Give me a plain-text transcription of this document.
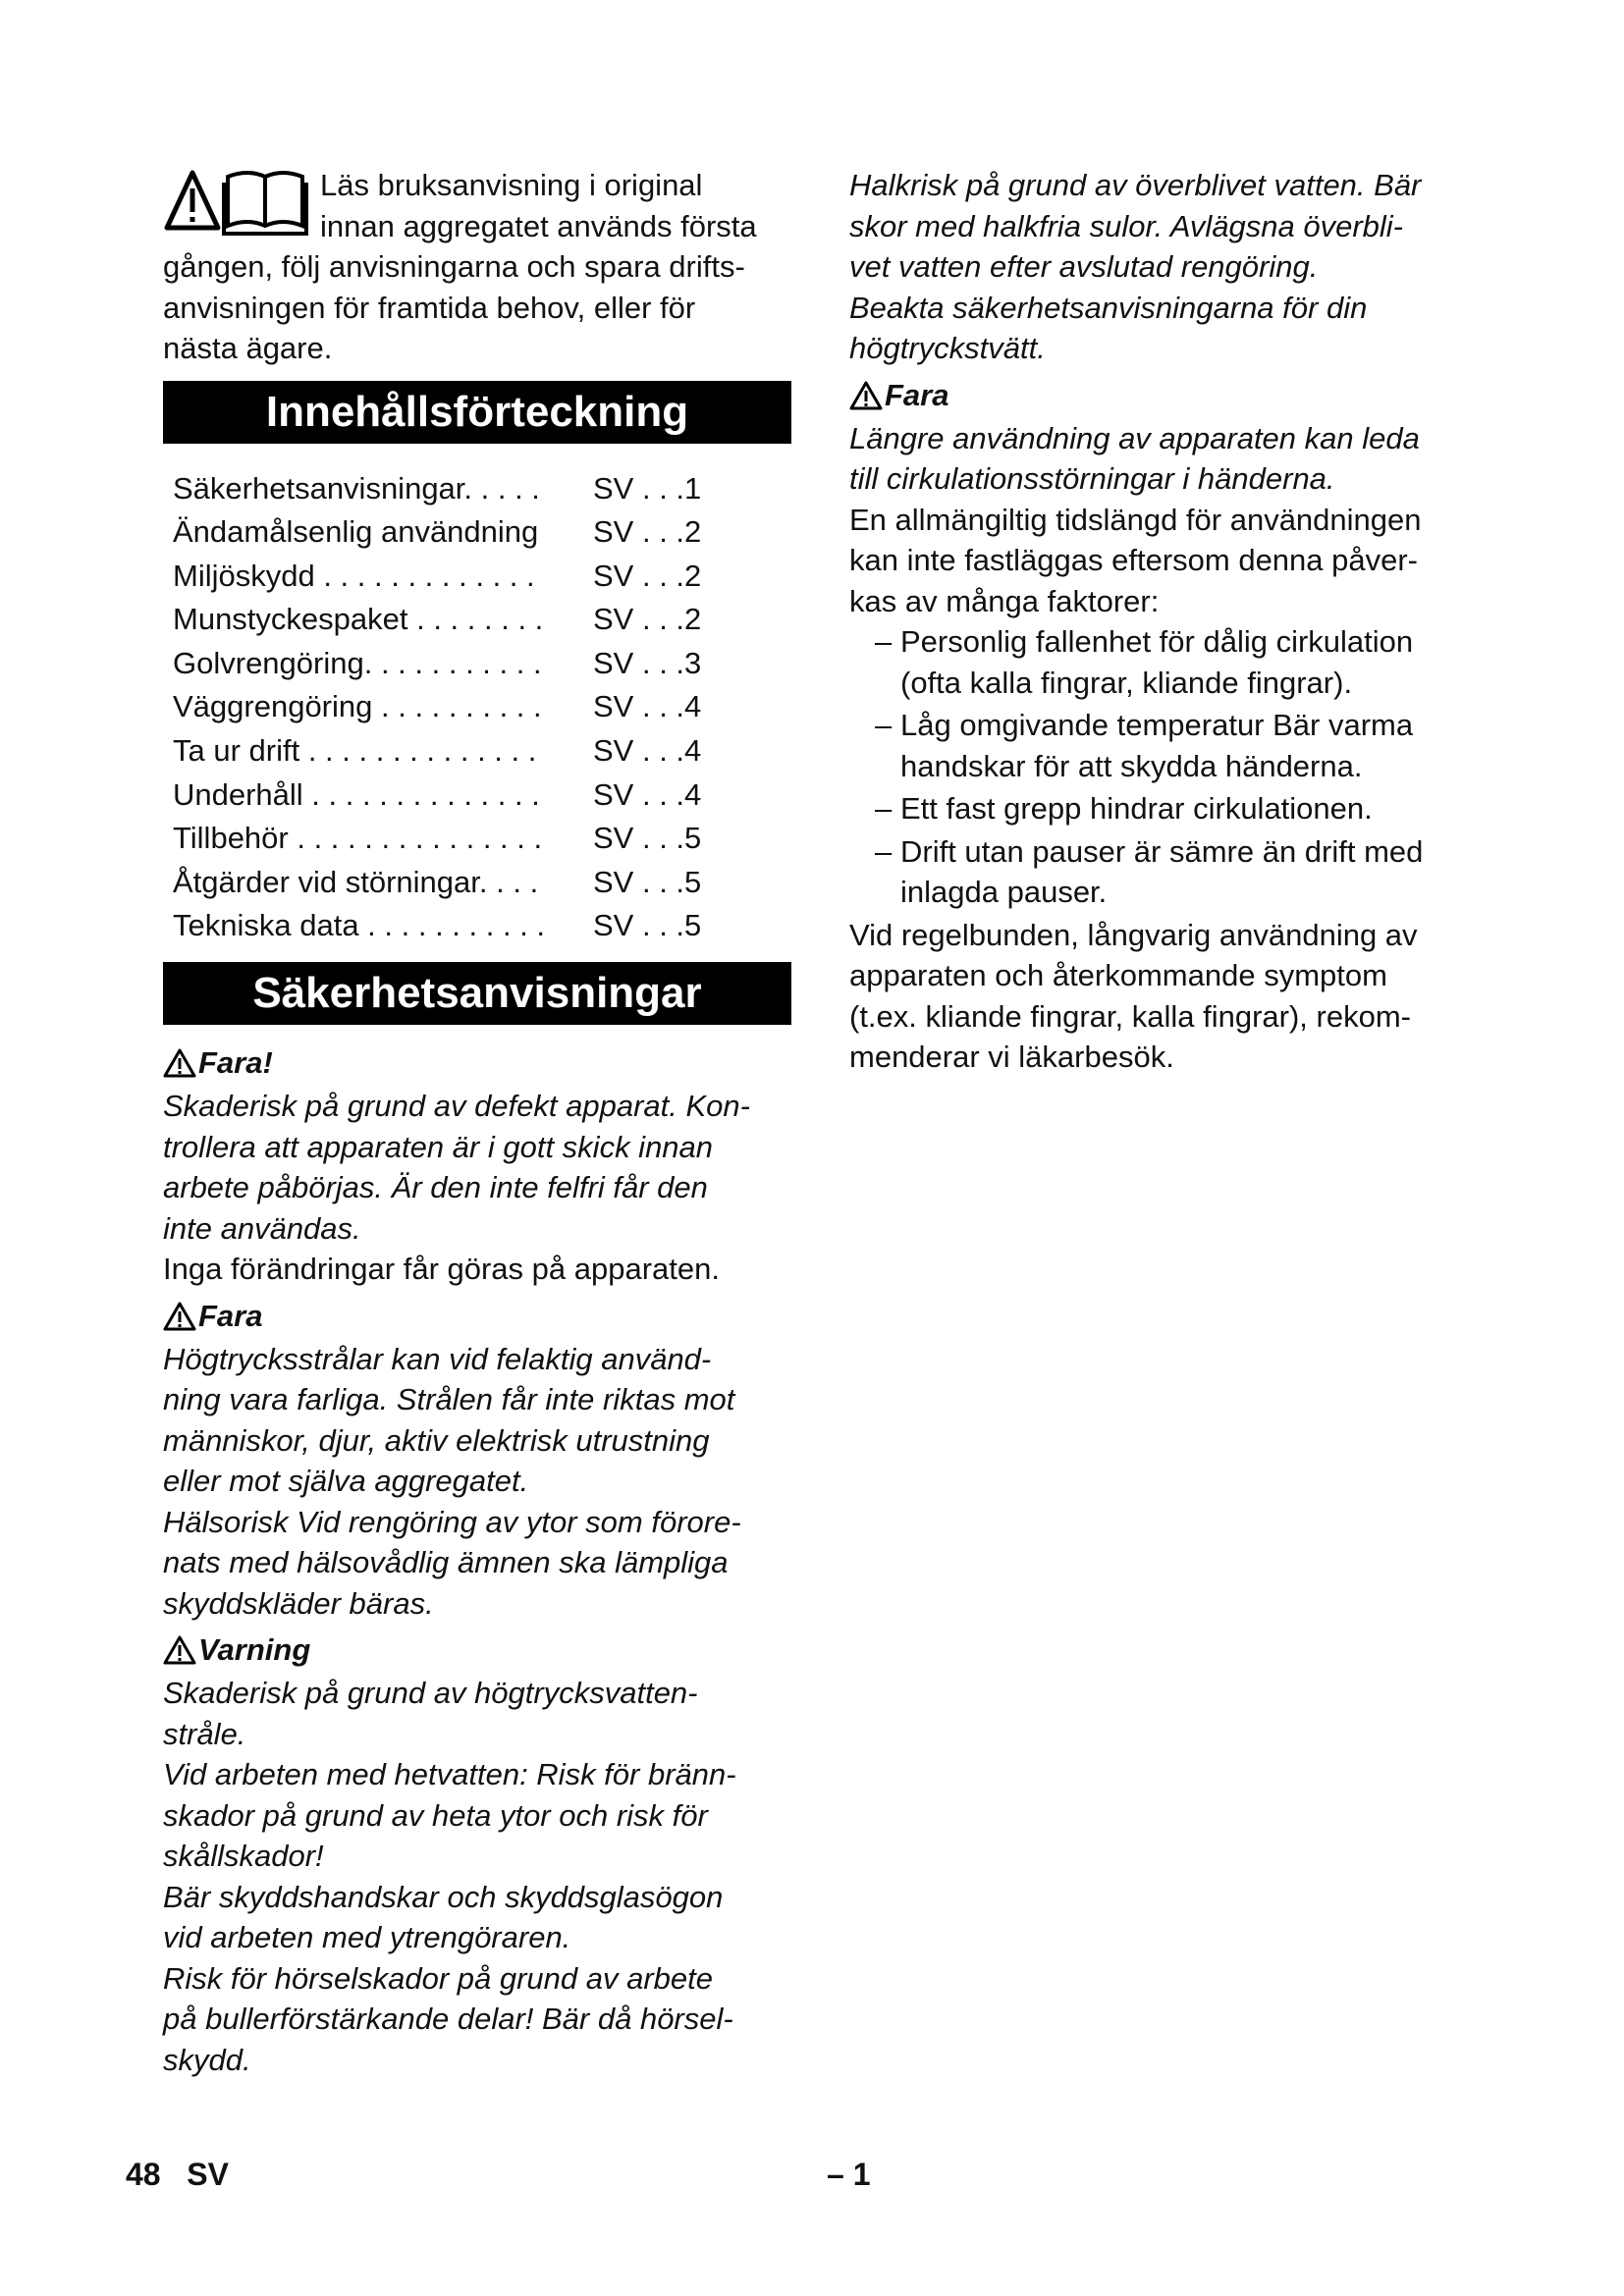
Läs bruksanvisning i original

innan aggregatet används första

gången, följ anvisningarna och spara drifts-

anvisningen för framtida behov, eller för

nästa ägare.

Innehållsförteckning
Säkerhetsanvisningar. . . . .	SV . . .1
Ändamålsenlig användning	SV . . .2
Miljöskydd . . . . . . . . . . . . .	SV . . .2
Munstyckespaket . . . . . . . .	SV . . .2
Golvrengöring. . . . . . . . . . .	SV . . .3
Väggrengöring . . . . . . . . . .	SV . . .4
Ta ur drift . . . . . . . . . . . . . .	SV . . .4
Underhåll . . . . . . . . . . . . . .	SV . . .4
Tillbehör . . . . . . . . . . . . . . .	SV . . .5
Åtgärder vid störningar. . . .	SV . . .5
Tekniska data . . . . . . . . . . .	SV . . .5
Säkerhetsanvisningar
Fara!

Skaderisk på grund av defekt apparat. Kon-

trollera att apparaten är i gott skick innan

arbete påbörjas. Är den inte felfri får den

inte användas.

Inga förändringar får göras på apparaten.

Fara

Högtrycksstrålar kan vid felaktig använd-

ning vara farliga. Strålen får inte riktas mot

människor, djur, aktiv elektrisk utrustning

eller mot själva aggregatet.

Hälsorisk Vid rengöring av ytor som förore-

nats med hälsovådlig ämnen ska lämpliga

skyddskläder bäras.

Varning

Skaderisk på grund av högtrycksvatten-

stråle.

Vid arbeten med hetvatten: Risk för bränn-

skador på grund av heta ytor och risk för

skållskador!

Bär skyddshandskar och skyddsglasögon

vid arbeten med ytrengöraren.

Risk för hörselskador på grund av arbete

på bullerförstärkande delar! Bär då hörsel-

skydd.

Halkrisk på grund av överblivet vatten. Bär

skor med halkfria sulor. Avlägsna överbli-

vet vatten efter avslutad rengöring.

Beakta säkerhetsanvisningarna för din

högtryckstvätt.

Fara

Längre användning av apparaten kan leda

till cirkulationsstörningar i händerna.

En allmängiltig tidslängd för användningen

kan inte fastläggas eftersom denna påver-

kas av många faktorer:

– Personlig fallenhet för dålig cirkulation
(ofta kalla fingrar, kliande fingrar).

– Låg omgivande temperatur Bär varma
handskar för att skydda händerna.

– Ett fast grepp hindrar cirkulationen.

– Drift utan pauser är sämre än drift med
inlagda pauser.

Vid regelbunden, långvarig användning av

apparaten och återkommande symptom

(t.ex. kliande fingrar, kalla fingrar), rekom-

menderar vi läkarbesök.

48   SV	– 1
